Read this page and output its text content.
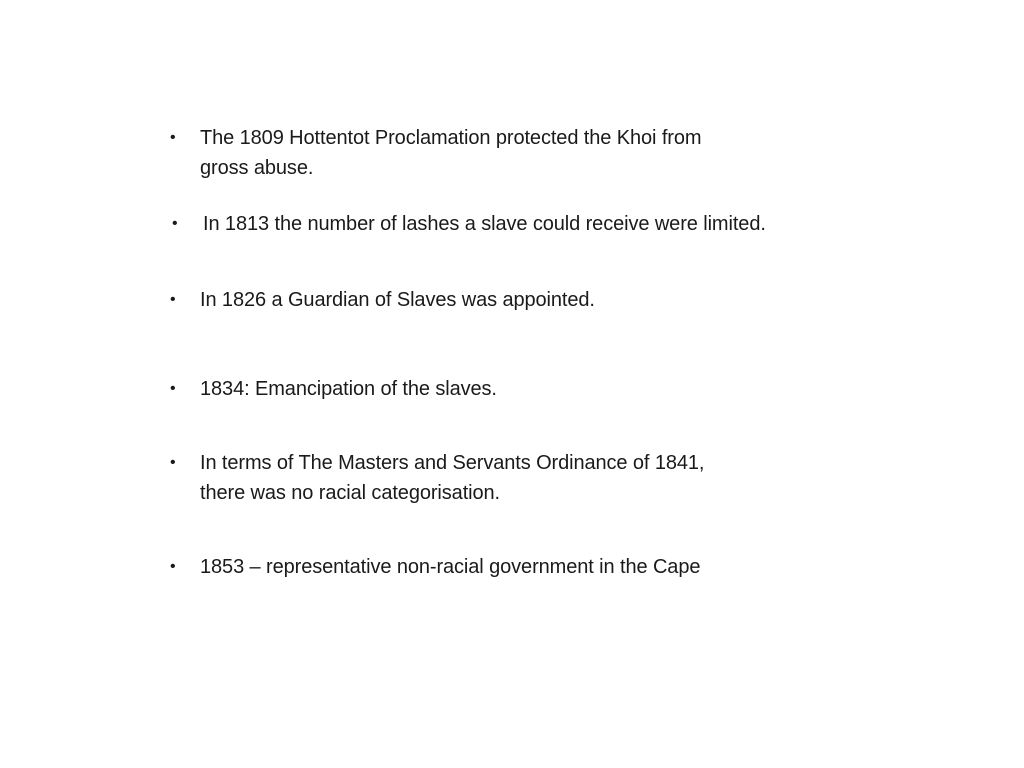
• The 1809 Hottentot Proclamation protected the Khoi from
gross abuse.
• In 1813 the number of lashes a slave could receive were limited.
• In 1826 a Guardian of Slaves was appointed.
• 1834: Emancipation of the slaves.
• In terms of The Masters and Servants Ordinance of 1841,
there was no racial categorisation.
• 1853 – representative non-racial government in the Cape
